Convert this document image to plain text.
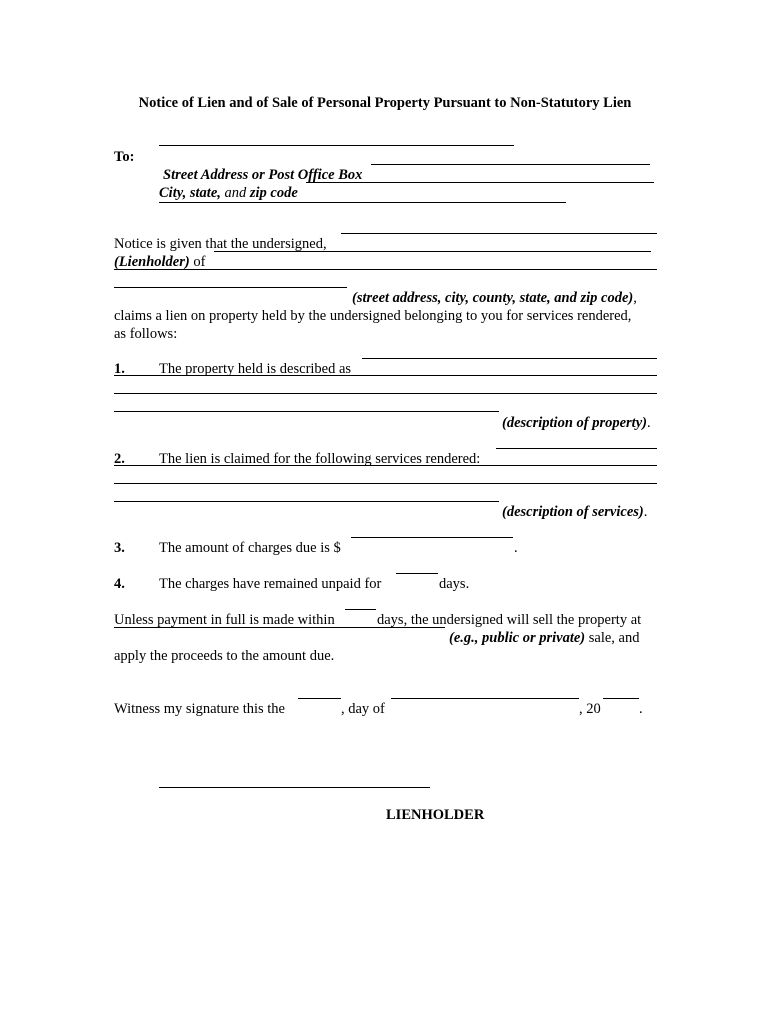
Notice of Lien and of Sale of Personal Property Pursuant to Non-Statutory Lien
To:
Street Address or Post Office Box
City, state, and zip code
Notice is given that the undersigned,
(Lienholder) of
(street address, city, county, state, and zip code),
claims a lien on property held by the undersigned belonging to you for services rendered,
as follows:
1. The property held is described as
(description of property).
2. The lien is claimed for the following services rendered:
(description of services).
3. The amount of charges due is $	.
4. The charges have remained unpaid for	days.
Unless payment in full is made within	days, the undersigned will sell the property at
(e.g., public or private) sale, and
apply the proceeds to the amount due.
Witness my signature this the	, day of	, 20	.
LIENHOLDER
